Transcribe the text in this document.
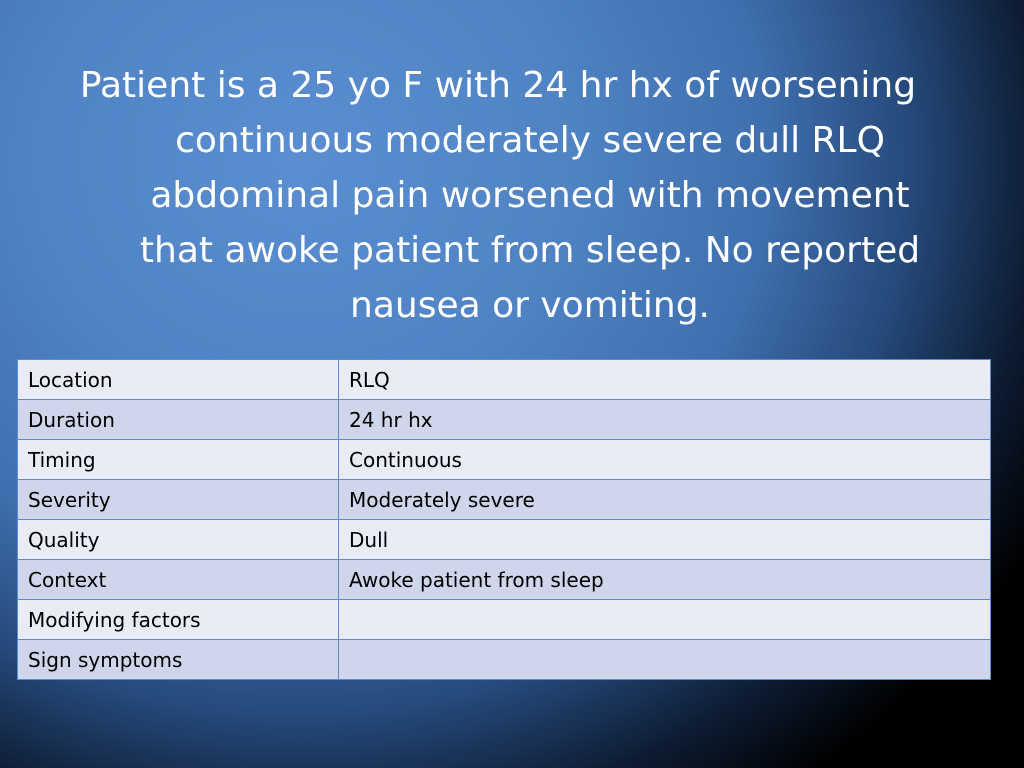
Patient is a 25 yo F with 24 hr hx of worsening
continuous moderately severe dull RLQ
abdominal pain worsened with movement
that awoke patient from sleep. No reported
nausea or vomiting.
Location	RLQ
Duration	24 hr hx
Timing	Continuous
Severity	Moderately severe
Quality	Dull
Context	Awoke patient from sleep
Modifying factors	
Sign symptoms	
